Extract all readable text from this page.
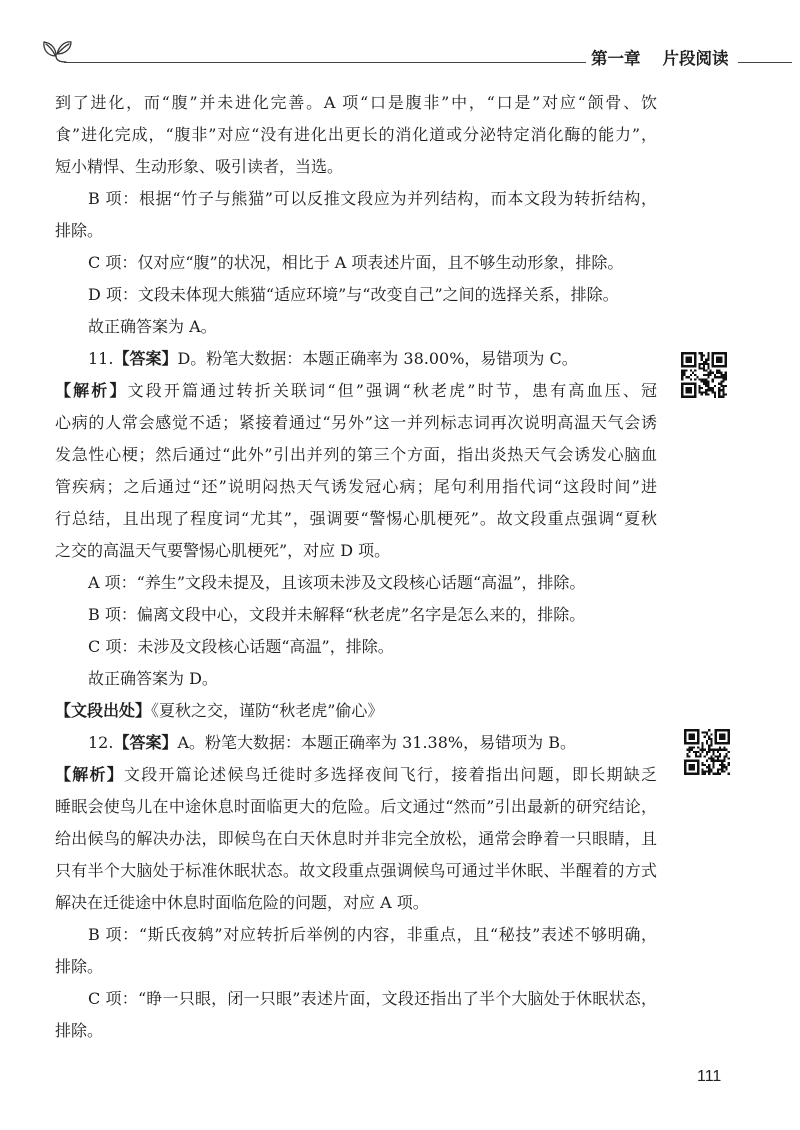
第一章 片段阅读
到了进化，而“腹”并未进化完善。A 项“口是腹非”中，“口是”对应“颌骨、饮
食”进化完成，“腹非”对应“没有进化出更长的消化道或分泌特定消化酶的能力”，
短小精悍、生动形象、吸引读者，当选。
B 项：根据“竹子与熊猫”可以反推文段应为并列结构，而本文段为转折结构，
排除。
C 项：仅对应“腹”的状况，相比于 A 项表述片面，且不够生动形象，排除。
D 项：文段未体现大熊猫“适应环境”与“改变自己”之间的选择关系，排除。
故正确答案为 A。
11.【答案】D。粉笔大数据：本题正确率为 38.00%，易错项为 C。
【解析】文段开篇通过转折关联词“但”强调“秋老虎”时节，患有高血压、冠
心病的人常会感觉不适；紧接着通过“另外”这一并列标志词再次说明高温天气会诱
发急性心梗；然后通过“此外”引出并列的第三个方面，指出炎热天气会诱发心脑血
管疾病；之后通过“还”说明闷热天气诱发冠心病；尾句利用指代词“这段时间”进
行总结，且出现了程度词“尤其”，强调要“警惕心肌梗死”。故文段重点强调“夏秋
之交的高温天气要警惕心肌梗死”，对应 D 项。
A 项：“养生”文段未提及，且该项未涉及文段核心话题“高温”，排除。
B 项：偏离文段中心，文段并未解释“秋老虎”名字是怎么来的，排除。
C 项：未涉及文段核心话题“高温”，排除。
故正确答案为 D。
【文段出处】《夏秋之交，谨防“秋老虎”偷心》
12.【答案】A。粉笔大数据：本题正确率为 31.38%，易错项为 B。
【解析】文段开篇论述候鸟迁徙时多选择夜间飞行，接着指出问题，即长期缺乏
睡眠会使鸟儿在中途休息时面临更大的危险。后文通过“然而”引出最新的研究结论，
给出候鸟的解决办法，即候鸟在白天休息时并非完全放松，通常会睁着一只眼睛，且
只有半个大脑处于标准休眠状态。故文段重点强调候鸟可通过半休眠、半醒着的方式
解决在迁徙途中休息时面临危险的问题，对应 A 项。
B 项：“斯氏夜鸫”对应转折后举例的内容，非重点，且“秘技”表述不够明确，
排除。
C 项：“睁一只眼，闭一只眼”表述片面，文段还指出了半个大脑处于休眠状态，
排除。
111
